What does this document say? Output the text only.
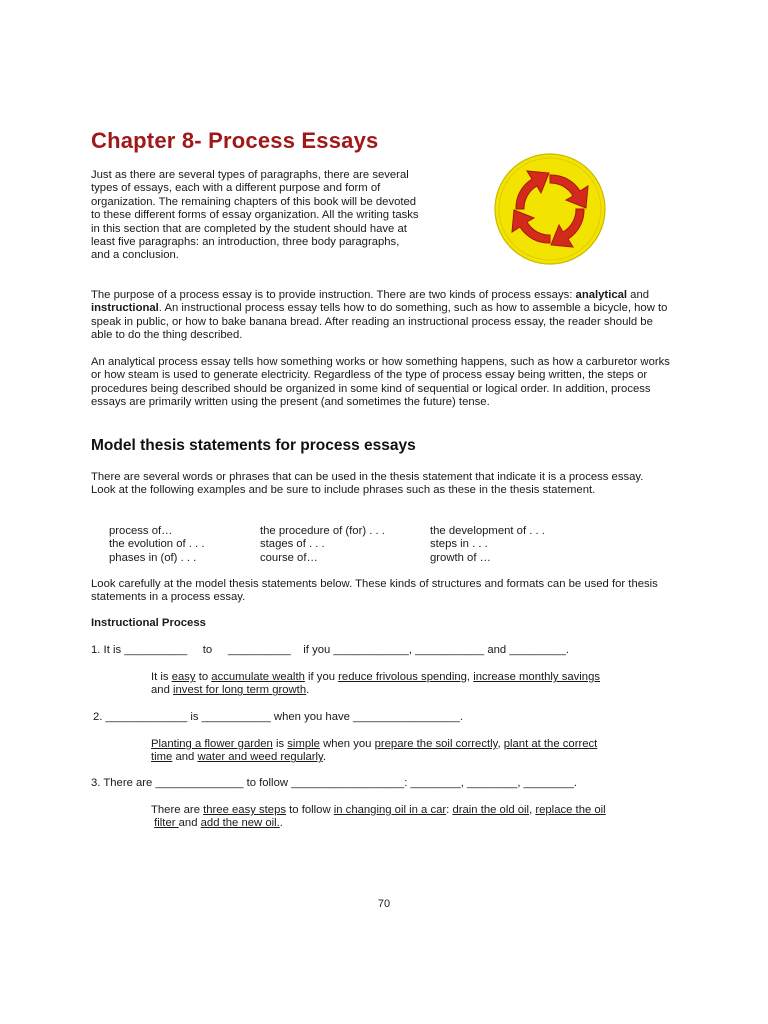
Chapter 8- Process Essays

Just as there are several types of paragraphs, there are several types of essays, each with a different purpose and form of organization. The remaining chapters of this book will be devoted to these different forms of essay organization. All the writing tasks in this section that are completed by the student should have at least five paragraphs: an introduction, three body paragraphs, and a conclusion.

The purpose of a process essay is to provide instruction. There are two kinds of process essays: analytical and instructional. An instructional process essay tells how to do something, such as how to assemble a bicycle, how to speak in public, or how to bake banana bread. After reading an instructional process essay, the reader should be able to do the thing described.

An analytical process essay tells how something works or how something happens, such as how a carburetor works or how steam is used to generate electricity. Regardless of the type of process essay being written, the steps or procedures being described should be organized in some kind of sequential or logical order. In addition, process essays are primarily written using the present (and sometimes the future) tense.

Model thesis statements for process essays

There are several words or phrases that can be used in the thesis statement that indicate it is a process essay. Look at the following examples and be sure to include phrases such as these in the thesis statement.

process of…	the procedure of (for) . . .	the development of . . .
the evolution of . . .	stages of . . .	steps in . . .
phases in (of) . . .	course of…	growth of …

Look carefully at the model thesis statements below. These kinds of structures and formats can be used for thesis statements in a process essay.

Instructional Process

1. It is __________     to     __________    if you ____________, ___________ and _________.

It is easy to accumulate wealth if you reduce frivolous spending, increase monthly savings
and invest for long term growth.

2. _____________ is ___________ when you have _________________.

Planting a flower garden is simple when you prepare the soil correctly, plant at the correct
time and water and weed regularly.

3. There are ______________ to follow __________________: ________, ________, ________.

There are three easy steps to follow in changing oil in a car: drain the old oil, replace the oil
filter and add the new oil..

70
